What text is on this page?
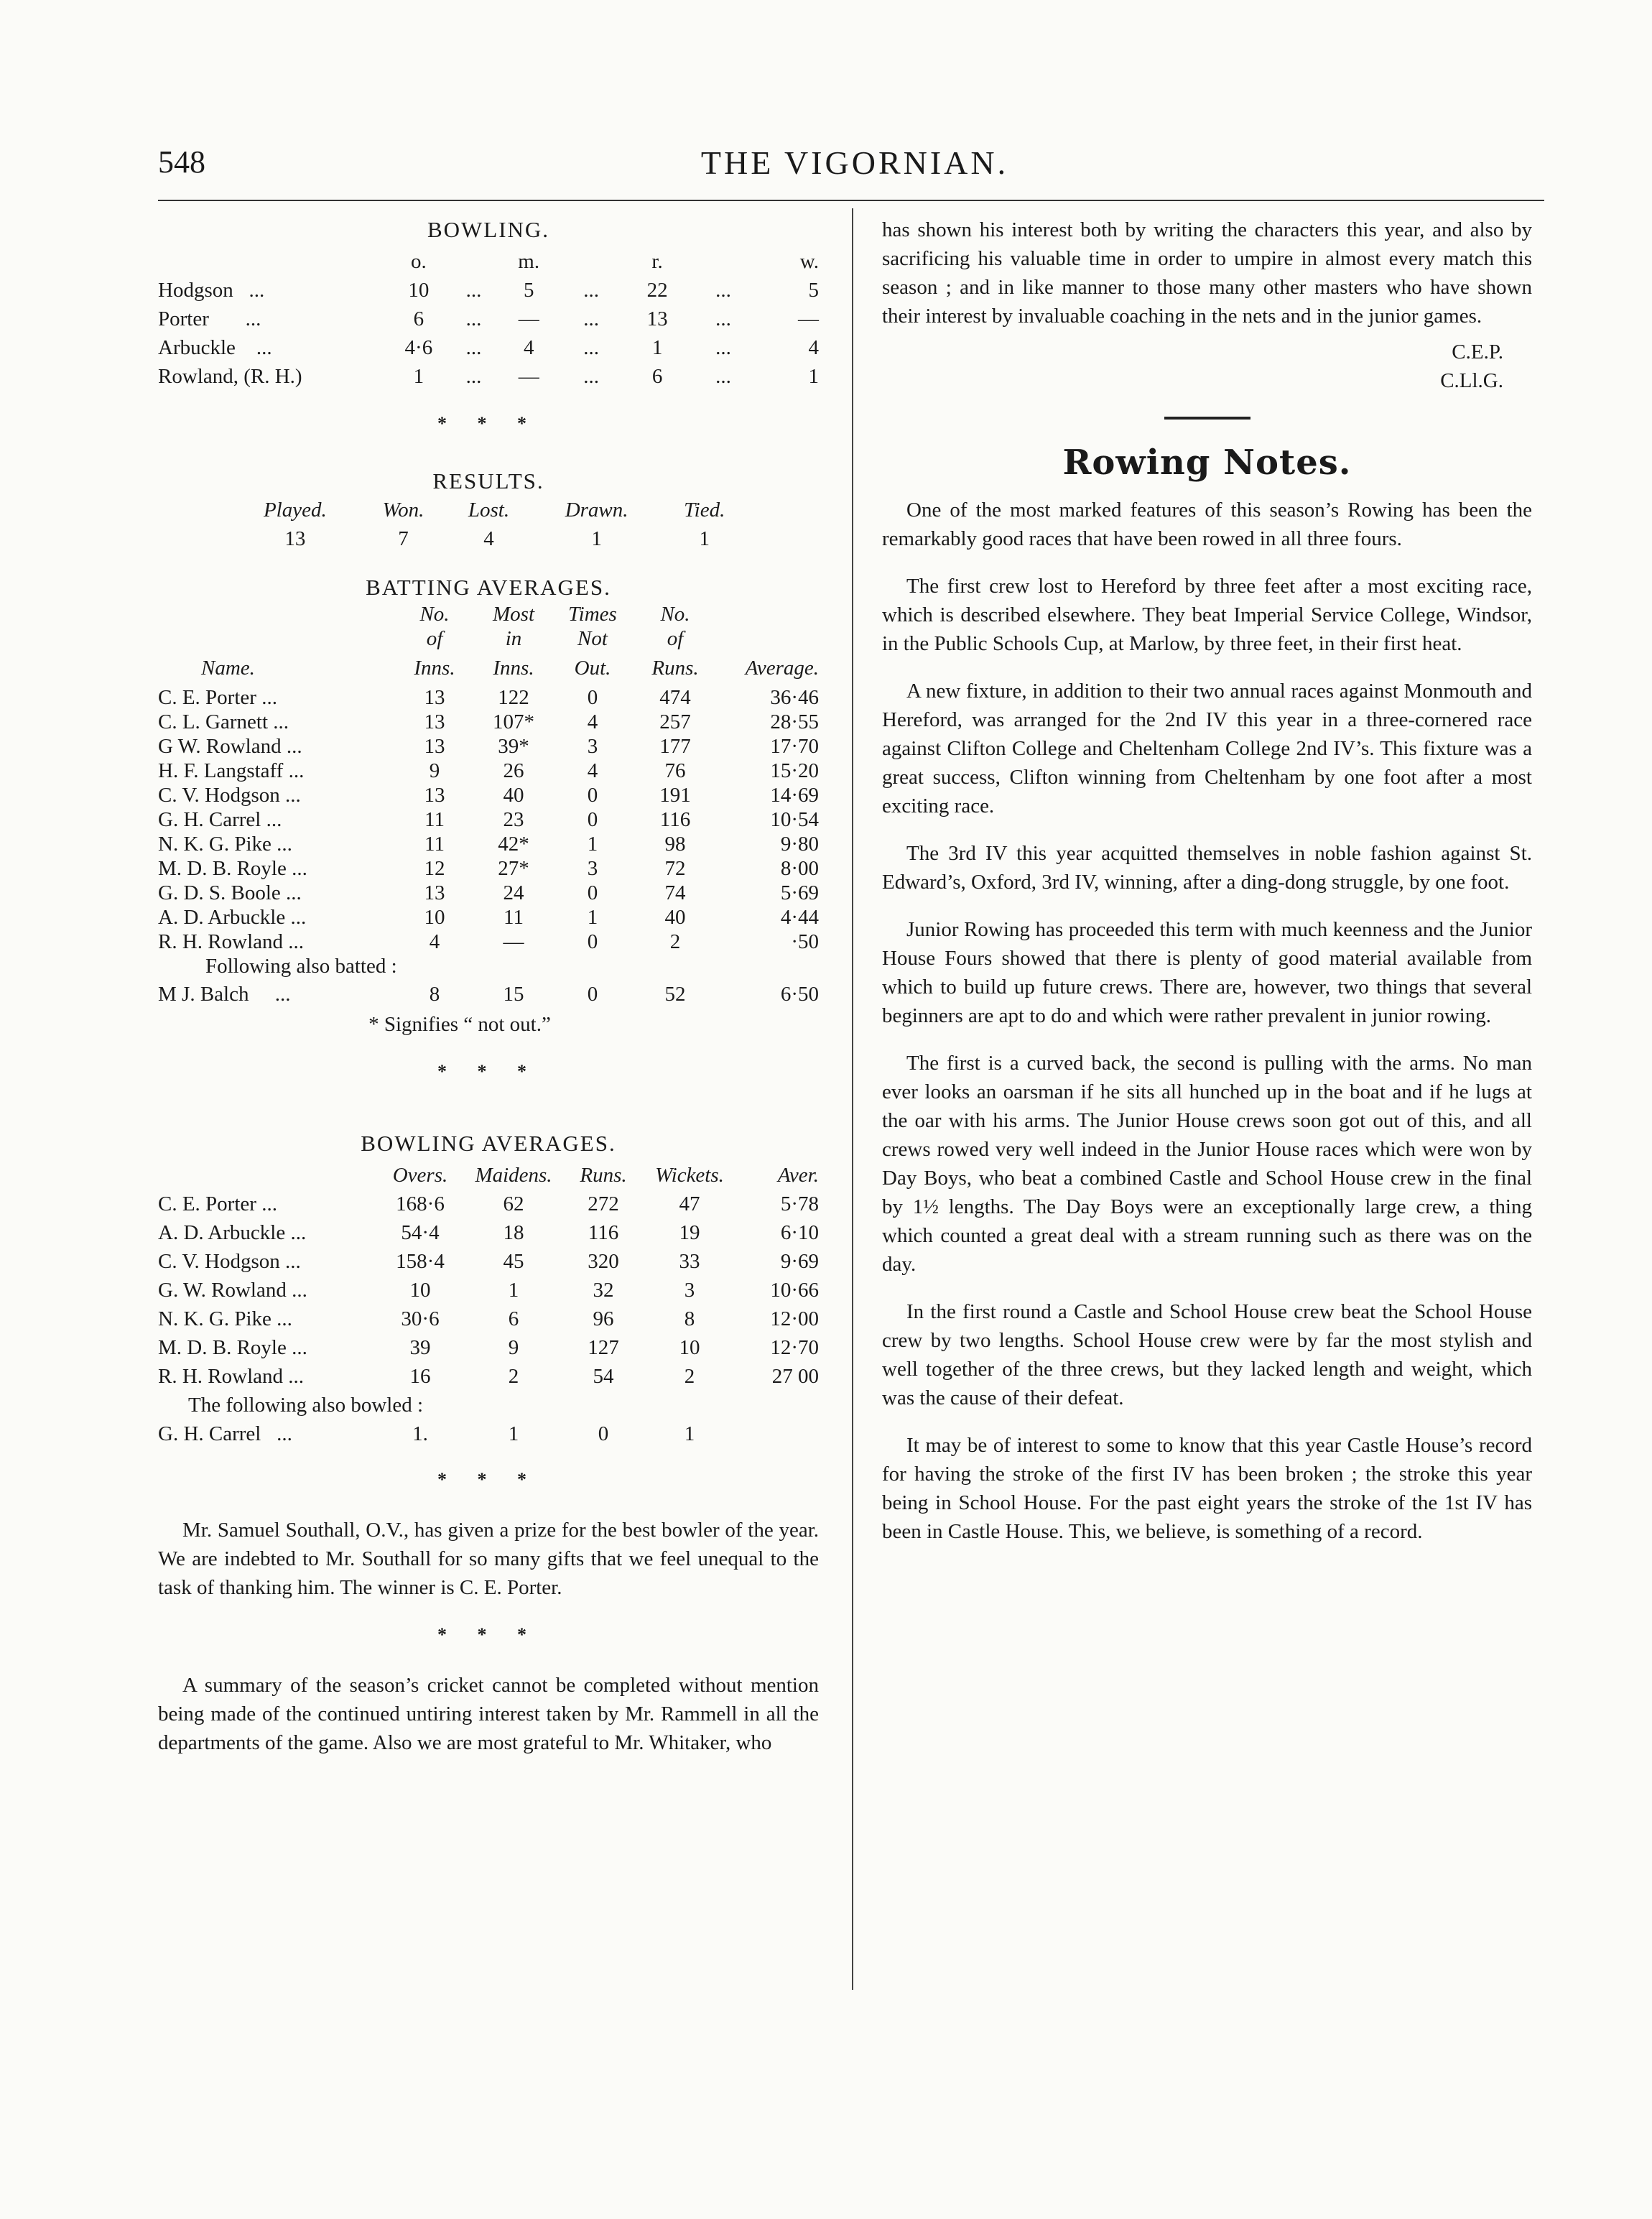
548	THE VIGORNIAN.
BOWLING.
	o.		m.		r.		w.
Hodgson   ...	10	...	5	...	22	...	5
Porter       ...	6	...	—	...	13	...	—
Arbuckle    ...	4·6	...	4	...	1	...	4
Rowland, (R. H.)	1	...	—	...	6	...	1
* * *
RESULTS.
Played.	Won.	Lost.	Drawn.	Tied.
13	7	4	1	1
BATTING AVERAGES.
	No.	Most	Times	No.	
	of	in	Not	of	
Name.	Inns.	Inns.	Out.	Runs.	Average.
C. E. Porter ...	13	122	0	474	36·46
C. L. Garnett ...	13	107*	4	257	28·55
G W. Rowland ...	13	39*	3	177	17·70
H. F. Langstaff ...	9	26	4	76	15·20
C. V. Hodgson ...	13	40	0	191	14·69
G. H. Carrel ...	11	23	0	116	10·54
N. K. G. Pike ...	11	42*	1	98	9·80
M. D. B. Royle ...	12	27*	3	72	8·00
G. D. S. Boole ...	13	24	0	74	5·69
A. D. Arbuckle ...	10	11	1	40	4·44
R. H. Rowland ...	4	—	0	2	·50
Following also batted :					
M J. Balch     ...	8	15	0	52	6·50
* Signifies “ not out.”
* * *
BOWLING AVERAGES.
	Overs.	Maidens.	Runs.	Wickets.	Aver.
C. E. Porter ...	168·6	62	272	47	5·78
A. D. Arbuckle ...	54·4	18	116	19	6·10
C. V. Hodgson ...	158·4	45	320	33	9·69
G. W. Rowland ...	10	1	32	3	10·66
N. K. G. Pike ...	30·6	6	96	8	12·00
M. D. B. Royle ...	39	9	127	10	12·70
R. H. Rowland ...	16	2	54	2	27 00
The following also bowled :					
G. H. Carrel   ...	1.	1	0	1	
* * *

Mr. Samuel Southall, O.V., has given a prize for the best bowler of the year. We are indebted to Mr. Southall for so many gifts that we feel unequal to the task of thanking him. The winner is C. E. Porter.

* * *

A summary of the season’s cricket cannot be completed without mention being made of the continued untiring interest taken by Mr. Rammell in all the departments of the game. Also we are most grateful to Mr. Whitaker, who

has shown his interest both by writing the characters this year, and also by sacrificing his valuable time in order to umpire in almost every match this season ; and in like manner to those many other masters who have shown their interest by invaluable coaching in the nets and in the junior games.

C.E.P.
C.Ll.G.
Rowing Notes.

One of the most marked features of this season’s Rowing has been the remarkably good races that have been rowed in all three fours.

The first crew lost to Hereford by three feet after a most exciting race, which is described elsewhere. They beat Imperial Service College, Windsor, in the Public Schools Cup, at Marlow, by three feet, in their first heat.

A new fixture, in addition to their two annual races against Monmouth and Hereford, was arranged for the 2nd IV this year in a three-cornered race against Clifton College and Cheltenham College 2nd IV’s. This fixture was a great success, Clifton winning from Cheltenham by one foot after a most exciting race.

The 3rd IV this year acquitted themselves in noble fashion against St. Edward’s, Oxford, 3rd IV, winning, after a ding-dong struggle, by one foot.

Junior Rowing has proceeded this term with much keenness and the Junior House Fours showed that there is plenty of good material available from which to build up future crews. There are, however, two things that several beginners are apt to do and which were rather prevalent in junior rowing.

The first is a curved back, the second is pulling with the arms. No man ever looks an oarsman if he sits all hunched up in the boat and if he lugs at the oar with his arms. The Junior House crews soon got out of this, and all crews rowed very well indeed in the Junior House races which were won by Day Boys, who beat a combined Castle and School House crew in the final by 1½ lengths. The Day Boys were an exceptionally large crew, a thing which counted a great deal with a stream running such as there was on the day.

In the first round a Castle and School House crew beat the School House crew by two lengths. School House crew were by far the most stylish and well together of the three crews, but they lacked length and weight, which was the cause of their defeat.

It may be of interest to some to know that this year Castle House’s record for having the stroke of the first IV has been broken ; the stroke this year being in School House. For the past eight years the stroke of the 1st IV has been in Castle House. This, we believe, is something of a record.
